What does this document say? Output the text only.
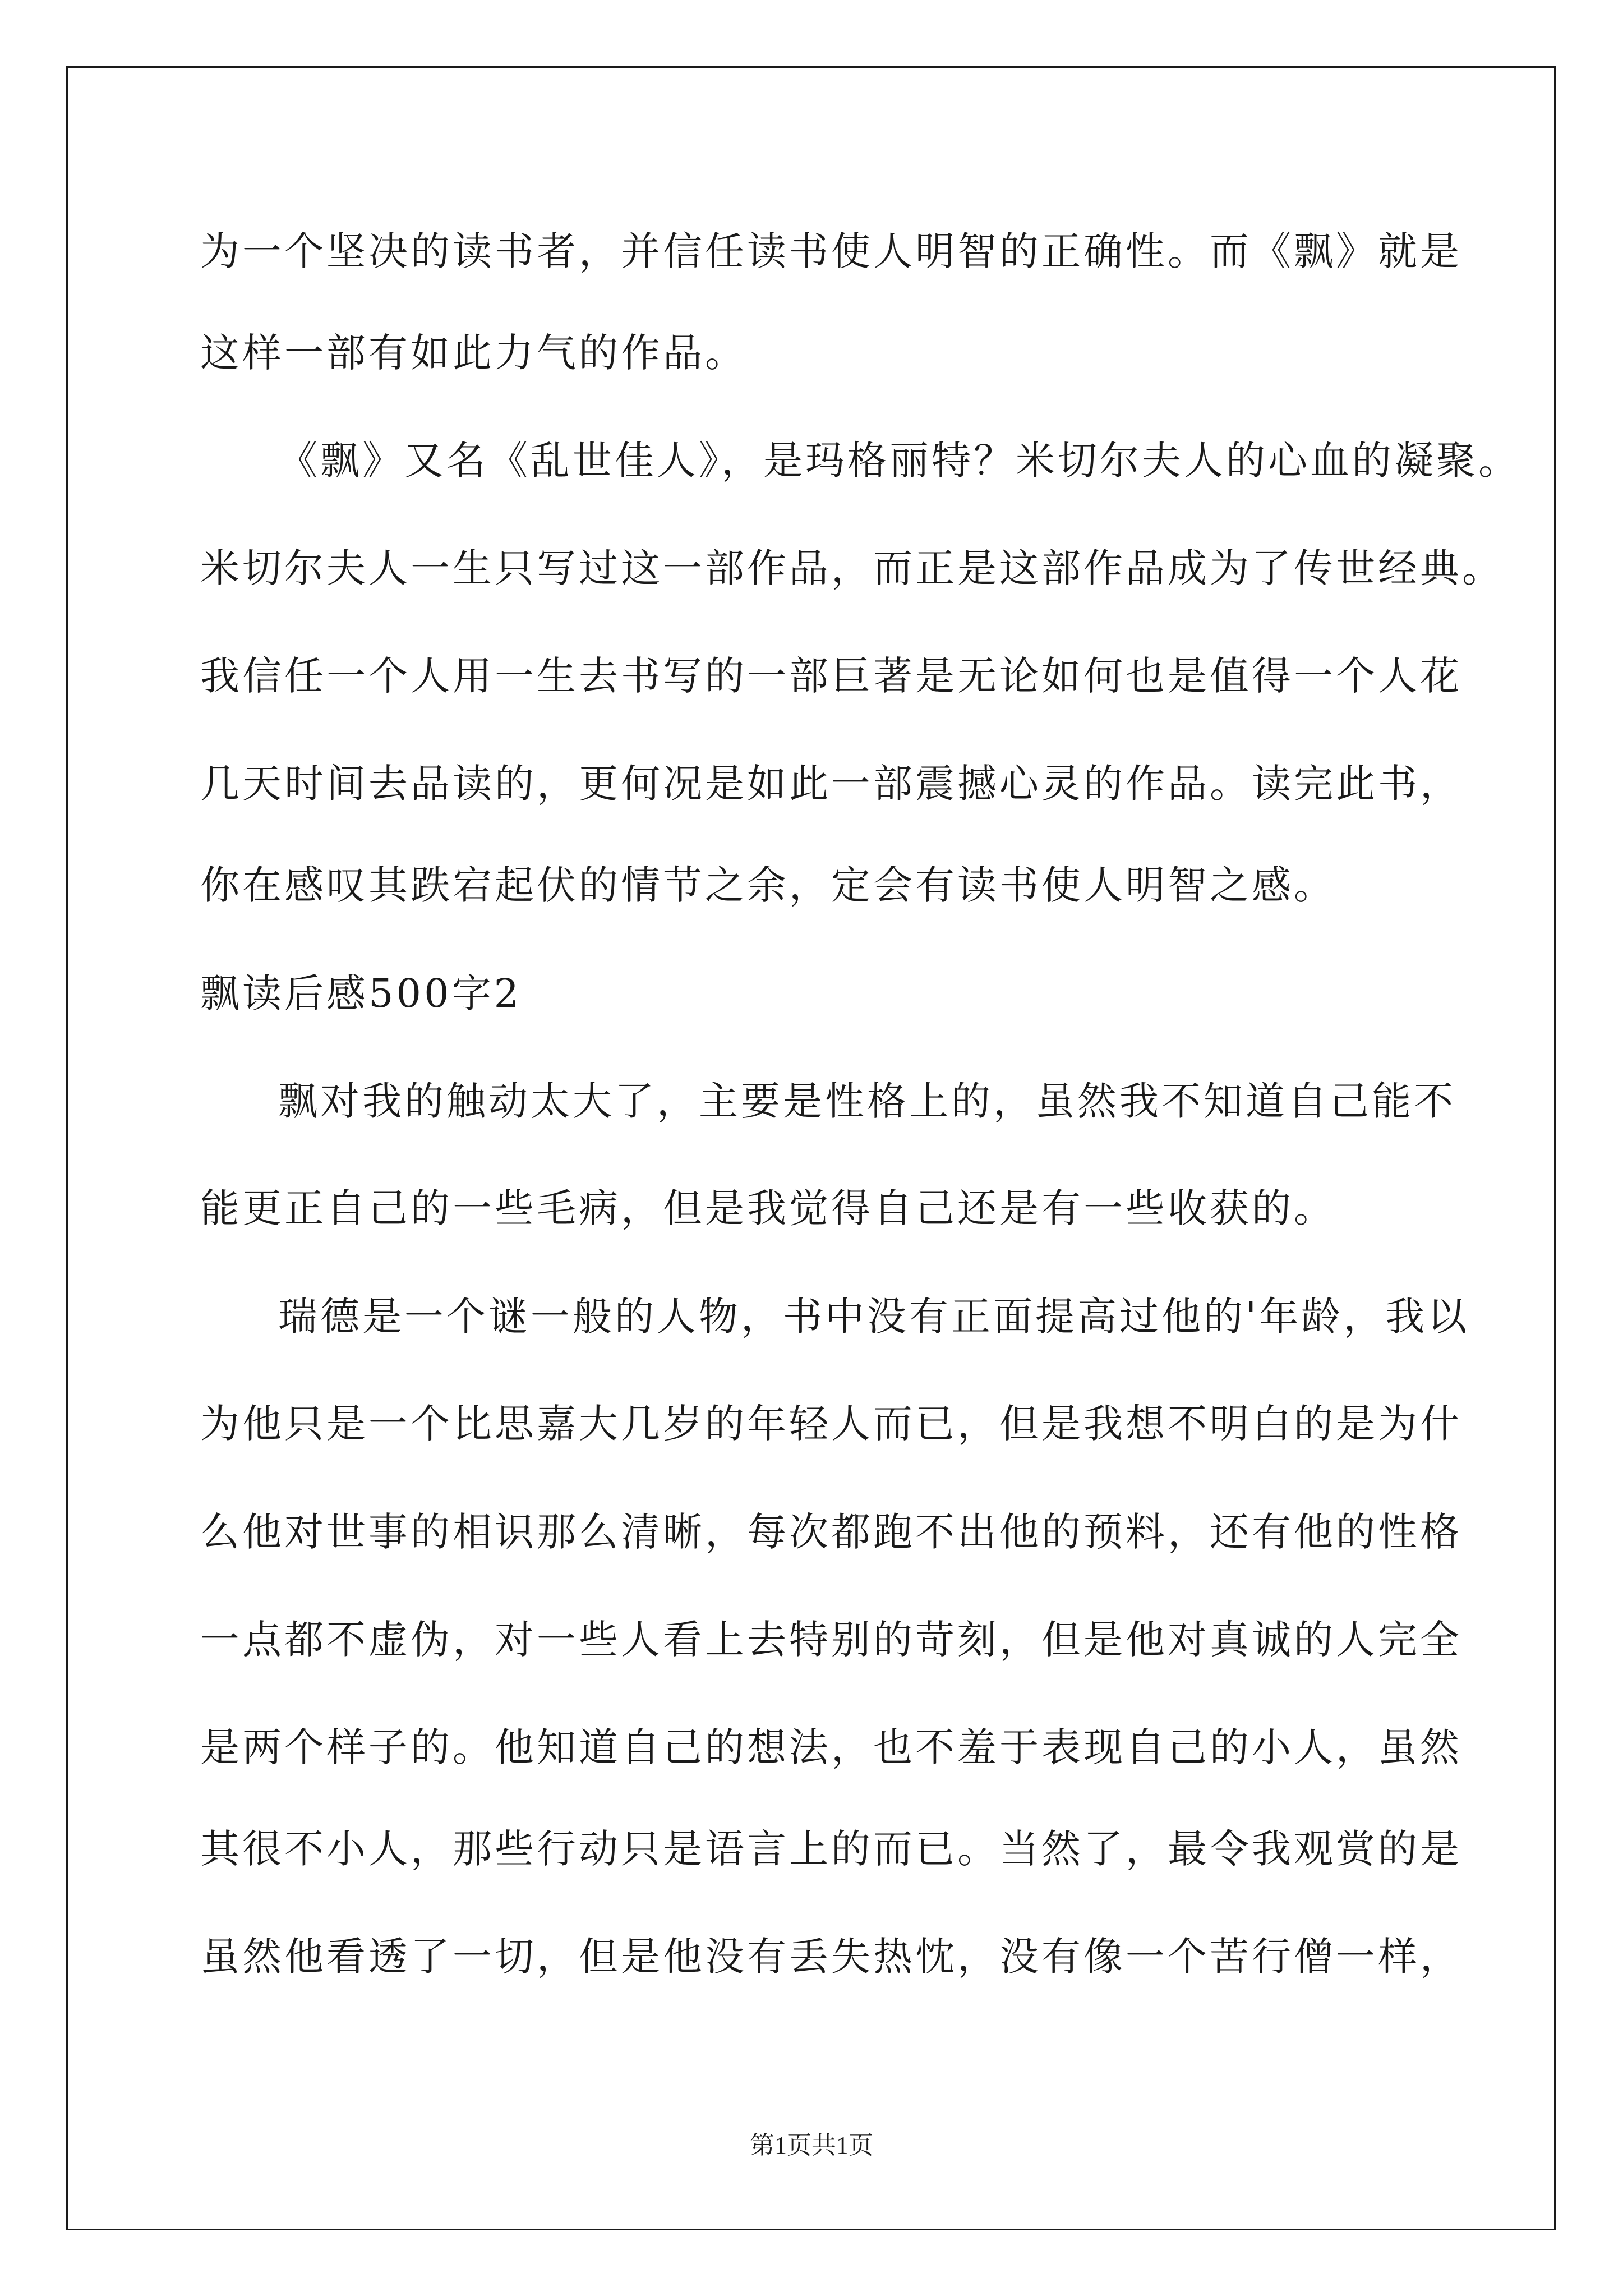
为一个坚决的读书者，并信任读书使人明智的正确性。而《飘》就是

这样一部有如此力气的作品。

《飘》又名《乱世佳人》，是玛格丽特？米切尔夫人的心血的凝聚。

米切尔夫人一生只写过这一部作品，而正是这部作品成为了传世经典。

我信任一个人用一生去书写的一部巨著是无论如何也是值得一个人花

几天时间去品读的，更何况是如此一部震撼心灵的作品。读完此书，

你在感叹其跌宕起伏的情节之余，定会有读书使人明智之感。

飘读后感500字2

飘对我的触动太大了，主要是性格上的，虽然我不知道自己能不

能更正自己的一些毛病，但是我觉得自己还是有一些收获的。

瑞德是一个谜一般的人物，书中没有正面提高过他的'年龄，我以

为他只是一个比思嘉大几岁的年轻人而已，但是我想不明白的是为什

么他对世事的相识那么清晰，每次都跑不出他的预料，还有他的性格

一点都不虚伪，对一些人看上去特别的苛刻，但是他对真诚的人完全

是两个样子的。他知道自己的想法，也不羞于表现自己的小人，虽然

其很不小人，那些行动只是语言上的而已。当然了，最令我观赏的是

虽然他看透了一切，但是他没有丢失热忱，没有像一个苦行僧一样，

第1页共1页
